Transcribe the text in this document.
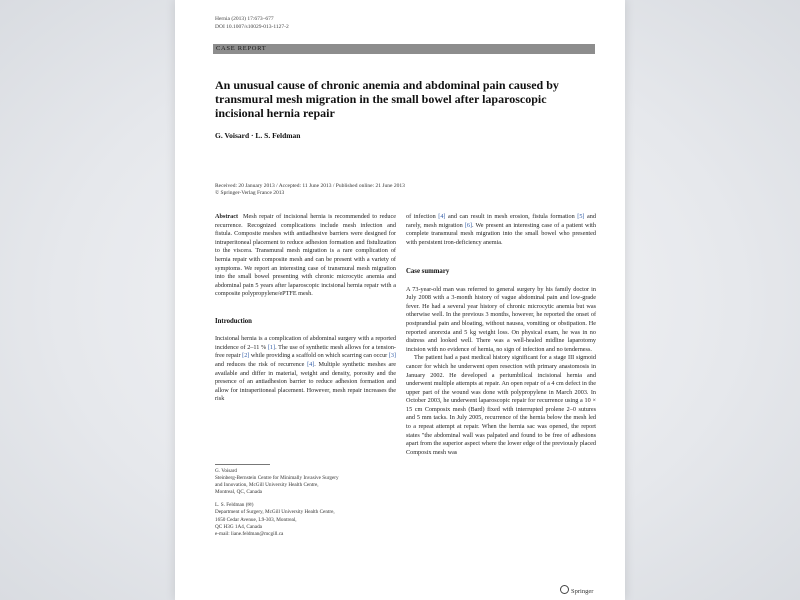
Hernia (2013) 17:673–677
DOI 10.1007/s10029-013-1127-2
CASE REPORT
An unusual cause of chronic anemia and abdominal pain caused by transmural mesh migration in the small bowel after laparoscopic incisional hernia repair
G. Voisard · L. S. Feldman
Received: 20 January 2013 / Accepted: 11 June 2013 / Published online: 21 June 2013
© Springer-Verlag France 2013

Abstract Mesh repair of incisional hernia is recommended to reduce recurrence. Recognized complications include mesh infection and fistula. Composite meshes with antiadhesive barriers were designed for intraperitoneal placement to reduce adhesion formation and fistulization to the viscera. Transmural mesh migration is a rare complication of hernia repair with composite mesh and can be present with a variety of symptoms. We report an interesting case of transmural mesh migration into the small bowel presenting with chronic microcytic anemia and abdominal pain 5 years after laparoscopic incisional hernia repair with a composite polypropylene/ePTFE mesh.

Introduction

Incisional hernia is a complication of abdominal surgery with a reported incidence of 2–11 % [1]. The use of synthetic mesh allows for a tension-free repair [2] while providing a scaffold on which scarring can occur [3] and reduces the risk of recurrence [4]. Multiple synthetic meshes are available and differ in material, weight and density, porosity and the presence of an antiadhesion barrier to reduce adhesion formation and allow for intraperitoneal placement. However, mesh repair increases the risk

G. Voisard

Steinberg-Bernstein Centre for Minimally Invasive Surgery

and Innovation, McGill University Health Centre,

Montreal, QC, Canada

L. S. Feldman (✉)

Department of Surgery, McGill University Health Centre,

1650 Cedar Avenue, L9-303, Montreal,

QC H3G 1A4, Canada

e-mail: liane.feldman@mcgill.ca

of infection [4] and can result in mesh erosion, fistula formation [5] and rarely, mesh migration [6]. We present an interesting case of a patient with complete transmural mesh migration into the small bowel who presented with persistent iron-deficiency anemia.

Case summary

A 73-year-old man was referred to general surgery by his family doctor in July 2008 with a 3-month history of vague abdominal pain and low-grade fever. He had a several year history of chronic microcytic anemia but was otherwise well. In the previous 3 months, however, he reported the onset of postprandial pain and bloating, without nausea, vomiting or obstipation. He reported anorexia and 5 kg weight loss. On physical exam, he was in no distress and looked well. There was a well-healed midline laparotomy incision with no evidence of hernia, no sign of infection and no tenderness.

The patient had a past medical history significant for a stage III sigmoid cancer for which he underwent open resection with primary anastomosis in January 2002. He developed a periumbilical incisional hernia and underwent multiple attempts at repair. An open repair of a 4 cm defect in the upper part of the wound was done with polypropylene in March 2003. In October 2003, he underwent laparoscopic repair for recurrence using a 10 × 15 cm Composix mesh (Bard) fixed with interrupted prolene 2–0 sutures and 5 mm tacks. In July 2005, recurrence of the hernia below the mesh led to a repeat attempt at repair. When the hernia sac was opened, the report states "the abdominal wall was palpated and found to be free of adhesions apart from the superior aspect where the lower edge of the previously placed Composix mesh was

Springer
